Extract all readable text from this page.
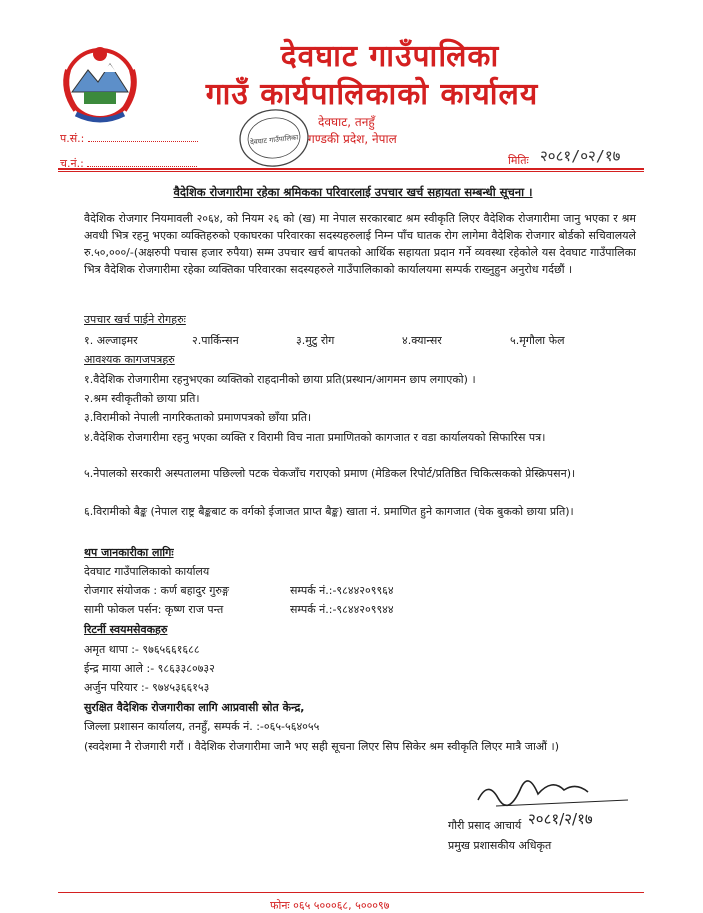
देवघाट गाउँपालिका
गाउँ कार्यपालिकाको कार्यालय
देवघाट गाउँपालिका
देवघाट, तनहुँ
गण्डकी प्रदेश, नेपाल
प.सं.:
च.नं.:	मितिः २०८१/०२/१७
वैदेशिक रोजगारीमा रहेका श्रमिकका परिवारलाई उपचार खर्च सहायता सम्बन्धी सूचना ।
वैदेशिक रोजगार नियमावली २०६४, को नियम २६ को (ख) मा नेपाल सरकारबाट श्रम स्वीकृति लिएर वैदेशिक रोजगारीमा जानु भएका र श्रम अवधी भित्र रहनु भएका व्यक्तिहरुको एकाघरका परिवारका सदस्यहरुलाई निम्न पाँच घातक रोग लागेमा वैदेशिक रोजगार बोर्डको सचिवालयले रु.५०,०००/-(अक्षरुपी पचास हजार रुपैया) सम्म उपचार खर्च बापतको आर्थिक सहायता प्रदान गर्ने व्यवस्था रहेकोले यस देवघाट गाउँपालिका भित्र वैदेशिक रोजगारीमा रहेका व्यक्तिका परिवारका सदस्यहरुले गाउँपालिकाको कार्यालयमा सम्पर्क राख्नुहुन अनुरोध गर्दछौं ।
उपचार खर्च पाईने रोगहरुः
१. अल्जाइमर	२.पार्किन्सन	३.मुटु रोग	४.क्यान्सर	५.मृगौला फेल
आवश्यक कागजपत्रहरु
१.वैदेशिक रोजगारीमा रहनुभएका व्यक्तिको राहदानीको छाया प्रति(प्रस्थान/आगमन छाप लगाएको) ।
२.श्रम स्वीकृतीको छाया प्रति।
३.विरामीको नेपाली नागरिकताको प्रमाणपत्रको छाँया प्रति।
४.वैदेशिक रोजगारीमा रहनु भएका व्यक्ति र विरामी विच नाता प्रमाणितको कागजात र वडा कार्यालयको सिफारिस पत्र।
५.नेपालको सरकारी अस्पतालमा पछिल्लो पटक चेकजाँच गराएको प्रमाण (मेडिकल रिपोर्ट/प्रतिष्ठित चिकित्सकको प्रेस्क्रिपसन)।
६.विरामीको बैङ्क (नेपाल राष्ट्र बैङ्कबाट क वर्गको ईजाजत प्राप्त बैङ्क) खाता नं. प्रमाणित हुने कागजात (चेक बुकको छाया प्रति)।
थप जानकारीका लागिः
देवघाट गाउँपालिकाको कार्यालय
रोजगार संयोजक : कर्ण बहादुर गुरुङ्ग	सम्पर्क नं.:-९८४४२०९९६४
सामी फोकल पर्सन: कृष्ण राज पन्त	सम्पर्क नं.:-९८४४२०९९४४
रिटर्नी स्वयमसेवकहरु
अमृत थापा :- ९७६५६६१६८८
ईन्द्र माया आले :- ९८६३३८०७३२
अर्जुन परियार :- ९७४५३६६१५३
सुरक्षित वैदेशिक रोजगारीका लागि आप्रवासी स्रोत केन्द्र,
जिल्ला प्रशासन कार्यालय, तनहुँ, सम्पर्क नं. :-०६५-५६४०५५
(स्वदेशमा नै रोजगारी गरौं । वैदेशिक रोजगारीमा जानै भए सही सूचना लिएर सिप सिकेर श्रम स्वीकृति लिएर मात्रै जाऔं ।)
२०८१/२/१७
गौरी प्रसाद आचार्य
प्रमुख प्रशासकीय अधिकृत
फोनः ०६५ ५०००६८, ५०००९७
